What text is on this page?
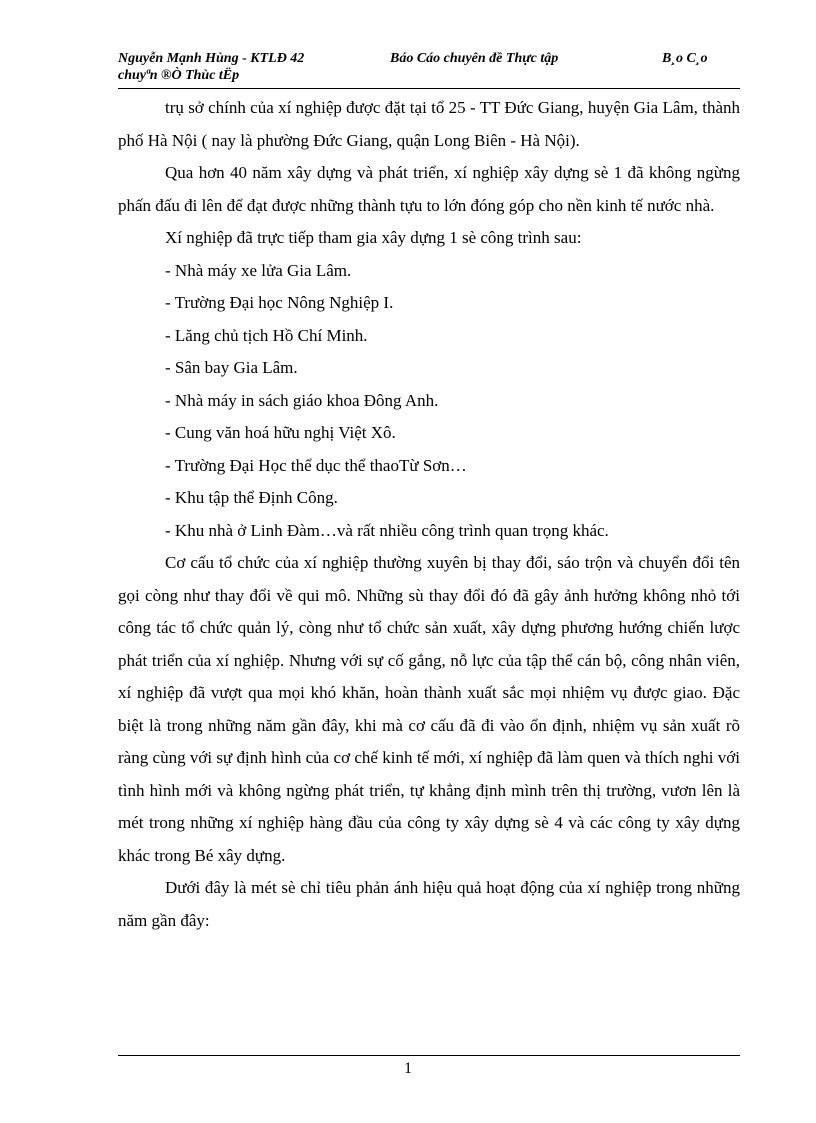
Nguyễn Mạnh Hùng - KTLĐ 42	Báo Cáo chuyên đề Thực tập	B¸o C¸o
chuyªn ®Ò Thùc tËp

trụ sở chính của xí nghiệp được đặt tại tổ 25 - TT Đức Giang, huyện Gia Lâm, thành phố Hà Nội ( nay là phường Đức Giang, quận Long Biên - Hà Nội).

Qua hơn 40 năm xây dựng và phát triển, xí nghiệp xây dựng sè 1 đã không ngừng phấn đấu đi lên để đạt được những thành tựu to lớn đóng góp cho nền kinh tế nước nhà.

Xí nghiệp đã trực tiếp tham gia xây dựng 1 sè công trình sau:

- Nhà máy xe lửa Gia Lâm.
- Trường Đại học Nông Nghiệp I.
- Lăng chủ tịch Hồ Chí Minh.
- Sân bay Gia Lâm.
- Nhà máy in sách giáo khoa Đông Anh.
- Cung văn hoá hữu nghị Việt Xô.
- Trường Đại Học thể dục thể thaoTừ Sơn…
- Khu tập thể Định Công.
- Khu nhà ở Linh Đàm…và rất nhiều công trình quan trọng khác.

Cơ cấu tổ chức của xí nghiệp thường xuyên bị thay đổi, sáo trộn và chuyển đổi tên gọi còng như thay đổi về qui mô. Những sù thay đổi đó đã gây ảnh hưởng không nhỏ tới công tác tổ chức quản lý, còng như tổ chức sản xuất, xây dựng phương hướng chiến lược phát triển của xí nghiệp. Nhưng với sự cố gắng, nỗ lực của tập thể cán bộ, công nhân viên, xí nghiệp đã vượt qua mọi khó khăn, hoàn thành xuất sắc mọi nhiệm vụ được giao. Đặc biệt là trong những năm gần đây, khi mà cơ cấu đã đi vào ổn định, nhiệm vụ sản xuất rõ ràng cùng với sự định hình của cơ chế kinh tế mới, xí nghiệp đã làm quen và thích nghi với tình hình mới và không ngừng phát triển, tự khẳng định mình trên thị trường, vươn lên là mét trong những xí nghiệp hàng đầu của công ty xây dựng sè 4 và các công ty xây dựng khác trong Bé xây dựng.

Dưới đây là mét sè chỉ tiêu phản ánh hiệu quả hoạt động của xí nghiệp trong những năm gần đây:

1
